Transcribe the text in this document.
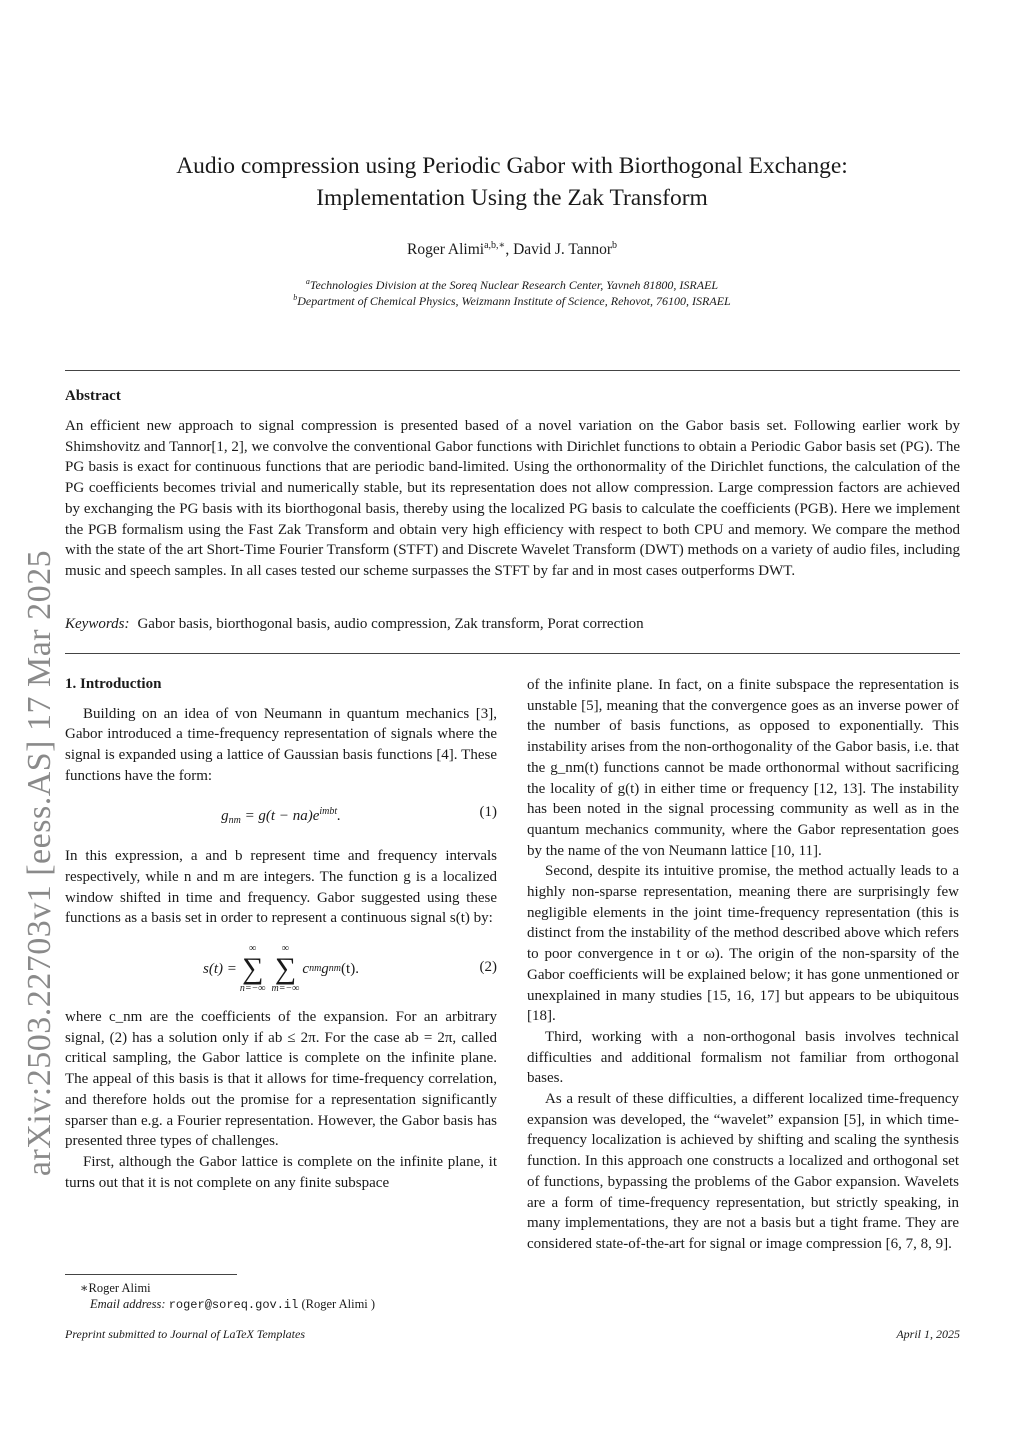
arXiv:2503.22703v1 [eess.AS] 17 Mar 2025
Audio compression using Periodic Gabor with Biorthogonal Exchange:
Implementation Using the Zak Transform
Roger Alimi$^{a,b,∗}$, David J. Tannor$^b$
$^a$Technologies Division at the Soreq Nuclear Research Center, Yavneh 81800, ISRAEL
$^b$Department of Chemical Physics, Weizmann Institute of Science, Rehovot, 76100, ISRAEL
Abstract
An efficient new approach to signal compression is presented based of a novel variation on the Gabor basis set. Following earlier work by Shimshovitz and Tannor[1, 2], we convolve the conventional Gabor functions with Dirichlet functions to obtain a Periodic Gabor basis set (PG). The PG basis is exact for continuous functions that are periodic band-limited. Using the orthonormality of the Dirichlet functions, the calculation of the PG coefficients becomes trivial and numerically stable, but its representation does not allow compression. Large compression factors are achieved by exchanging the PG basis with its biorthogonal basis, thereby using the localized PG basis to calculate the coefficients (PGB). Here we implement the PGB formalism using the Fast Zak Transform and obtain very high efficiency with respect to both CPU and memory. We compare the method with the state of the art Short-Time Fourier Transform (STFT) and Discrete Wavelet Transform (DWT) methods on a variety of audio files, including music and speech samples. In all cases tested our scheme surpasses the STFT by far and in most cases outperforms DWT.
Keywords: Gabor basis, biorthogonal basis, audio compression, Zak transform, Porat correction
1. Introduction

Building on an idea of von Neumann in quantum mechanics [3], Gabor introduced a time-frequency representation of signals where the signal is expanded using a lattice of Gaussian basis functions [4]. These functions have the form:

$g_{nm} = g(t - na)e^{imbt}$.	(1)

In this expression, a and b represent time and frequency intervals respectively, while n and m are integers. The function g is a localized window shifted in time and frequency. Gabor suggested using these functions as a basis set in order to represent a continuous signal s(t) by:

s(t) =
∞
∑
n=−∞
∞
∑
m=−∞
c nm g nm (t).	(2)

where c_nm are the coefficients of the expansion. For an arbitrary signal, (2) has a solution only if ab ≤ 2π. For the case ab = 2π, called critical sampling, the Gabor lattice is complete on the infinite plane. The appeal of this basis is that it allows for time-frequency correlation, and therefore holds out the promise for a representation significantly sparser than e.g. a Fourier representation. However, the Gabor basis has presented three types of challenges.

First, although the Gabor lattice is complete on the infinite plane, it turns out that it is not complete on any finite subspace

of the infinite plane. In fact, on a finite subspace the representation is unstable [5], meaning that the convergence goes as an inverse power of the number of basis functions, as opposed to exponentially. This instability arises from the non-orthogonality of the Gabor basis, i.e. that the g_nm(t) functions cannot be made orthonormal without sacrificing the locality of g(t) in either time or frequency [12, 13]. The instability has been noted in the signal processing community as well as in the quantum mechanics community, where the Gabor representation goes by the name of the von Neumann lattice [10, 11].

Second, despite its intuitive promise, the method actually leads to a highly non-sparse representation, meaning there are surprisingly few negligible elements in the joint time-frequency representation (this is distinct from the instability of the method described above which refers to poor convergence in t or ω). The origin of the non-sparsity of the Gabor coefficients will be explained below; it has gone unmentioned or unexplained in many studies [15, 16, 17] but appears to be ubiquitous [18].

Third, working with a non-orthogonal basis involves technical difficulties and additional formalism not familiar from orthogonal bases.

As a result of these difficulties, a different localized time-frequency expansion was developed, the “wavelet” expansion [5], in which time-frequency localization is achieved by shifting and scaling the synthesis function. In this approach one constructs a localized and orthogonal set of functions, bypassing the problems of the Gabor expansion. Wavelets are a form of time-frequency representation, but strictly speaking, in many implementations, they are not a basis but a tight frame. They are considered state-of-the-art for signal or image compression [6, 7, 8, 9].

∗Roger Alimi
Email address: roger@soreq.gov.il (Roger Alimi )
Preprint submitted to Journal of LaTeX Templates	April 1, 2025
